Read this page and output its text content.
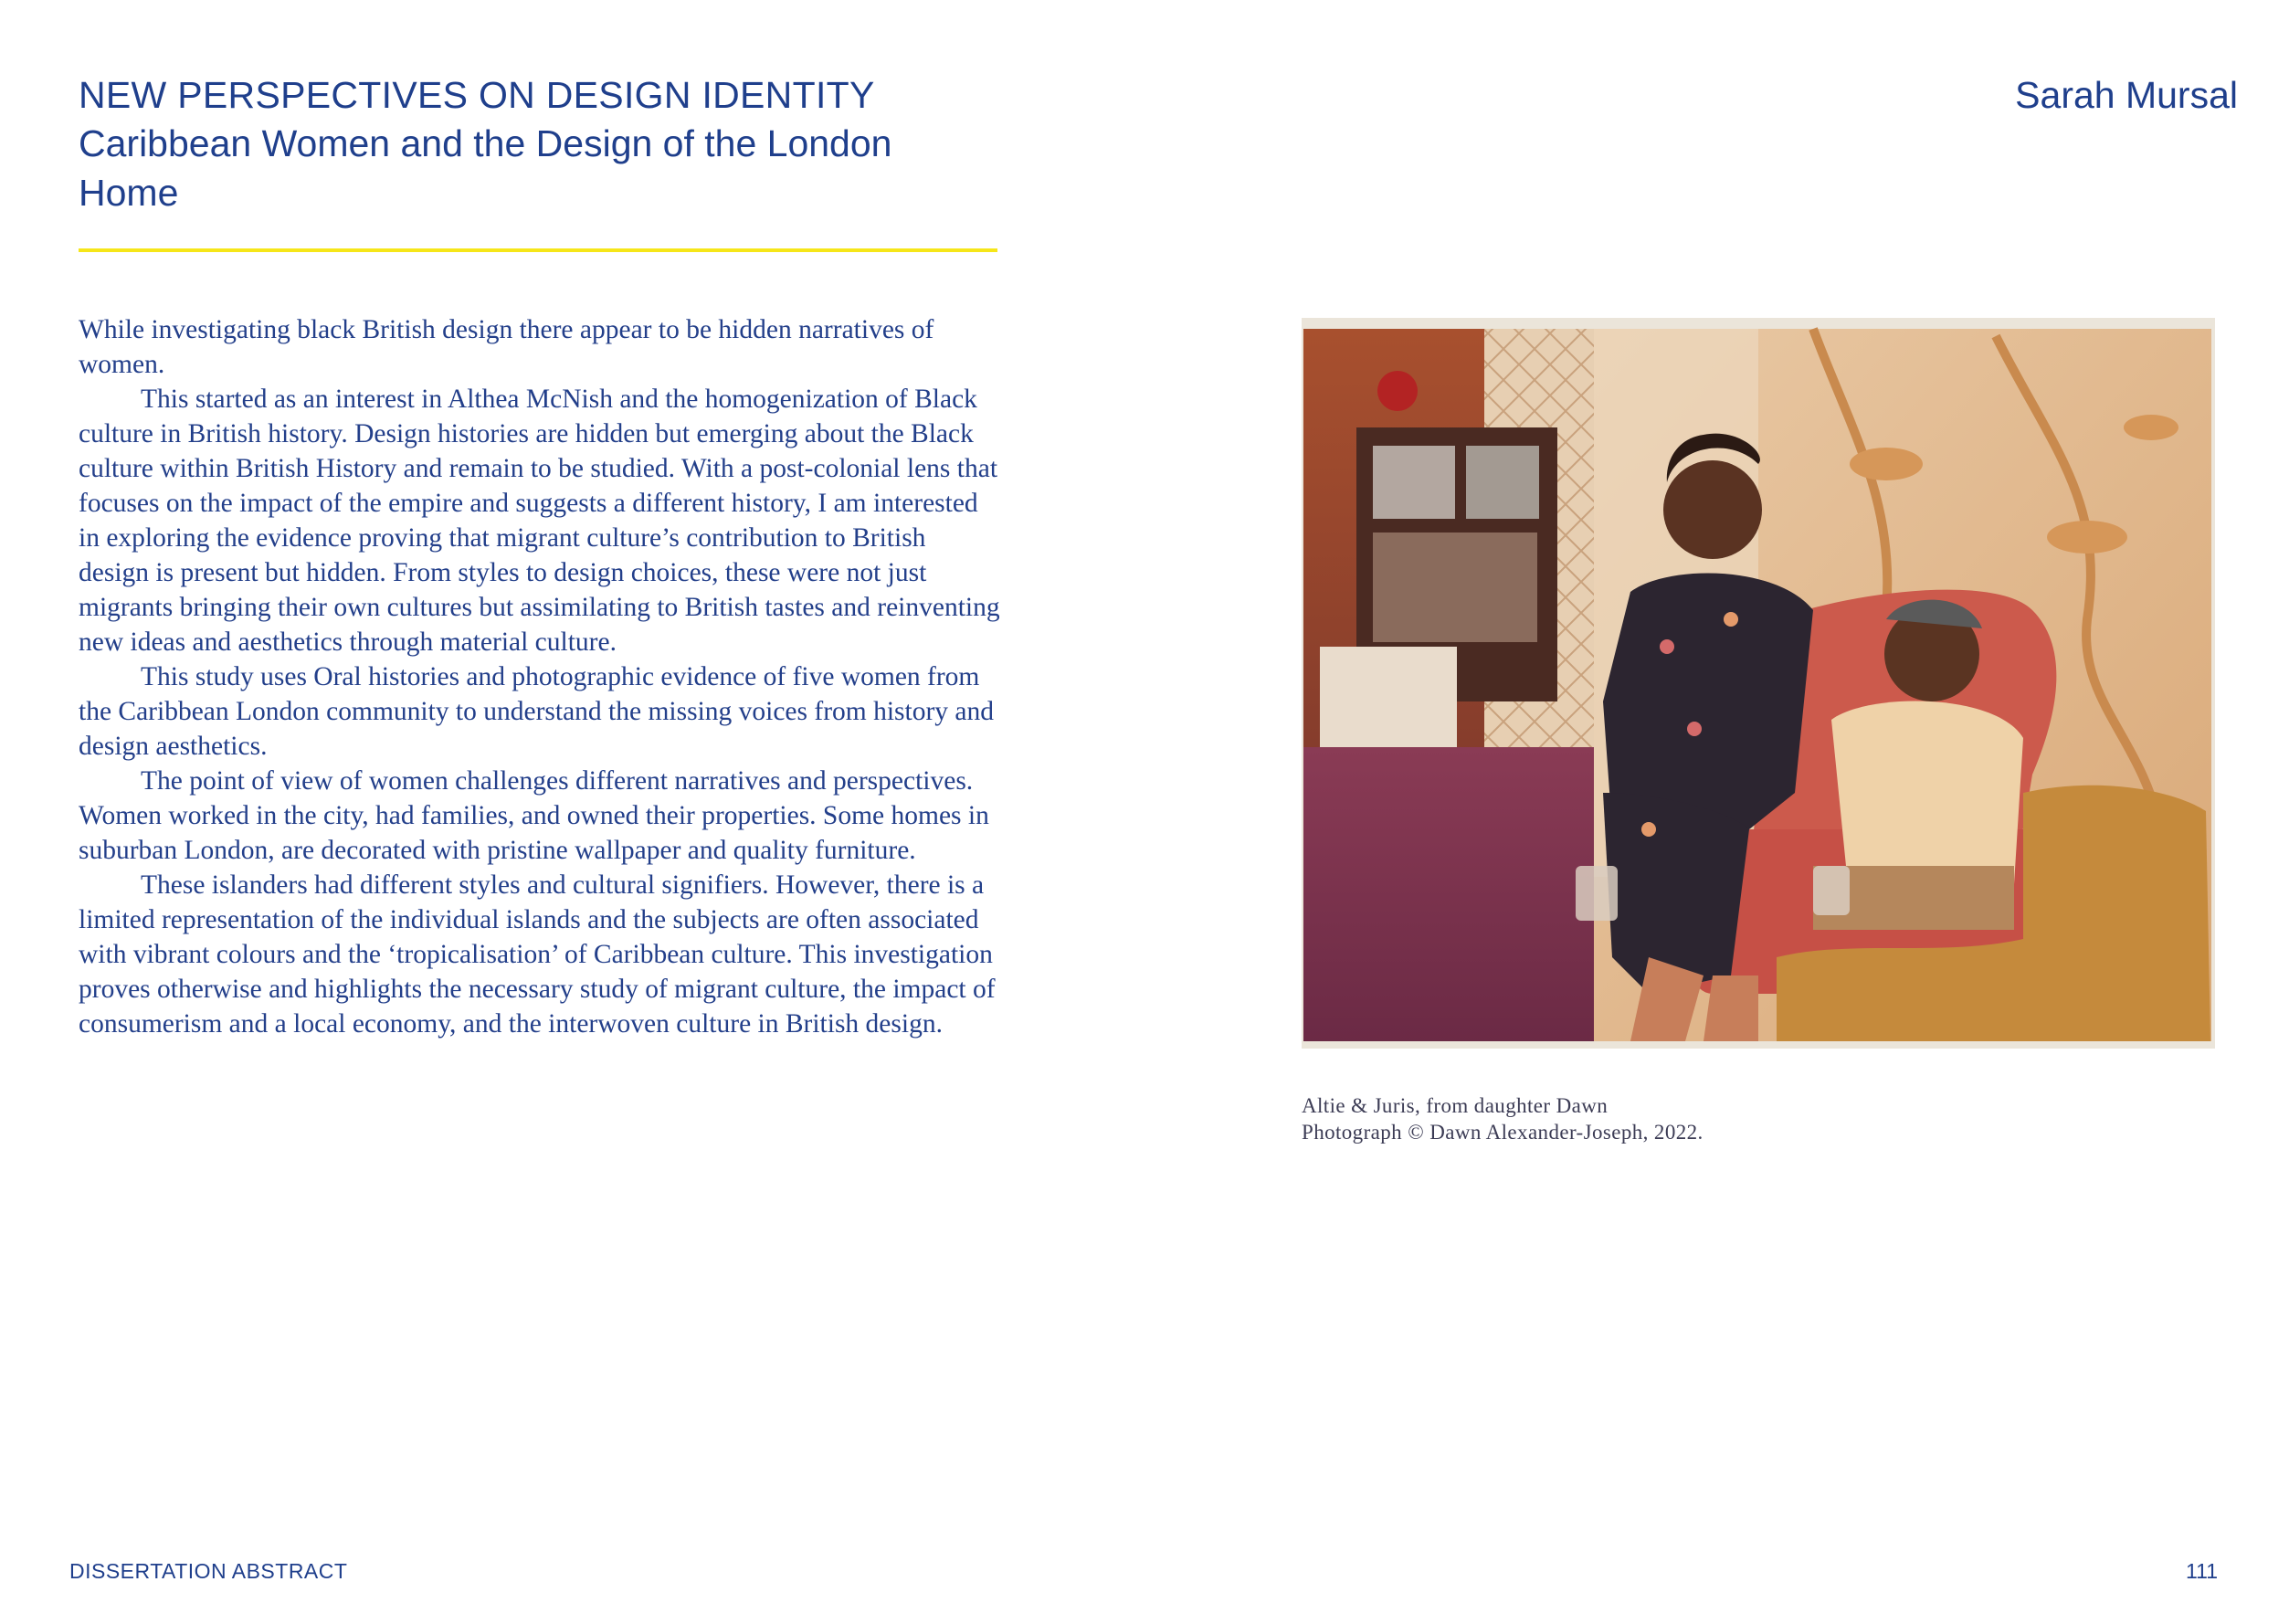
NEW PERSPECTIVES ON DESIGN IDENTITY
Caribbean Women and the Design of the London Home
Sarah Mursal

While investigating black British design there appear to be hidden narratives of women.

This started as an interest in Althea McNish and the homogenization of Black culture in British history. Design histories are hidden but emerging about the Black culture within British History and remain to be studied. With a post-colonial lens that focuses on the impact of the empire and suggests a different history, I am interested in exploring the evidence proving that migrant culture’s contribution to British design is present but hidden. From styles to design choices, these were not just migrants bringing their own cultures but assimilating to British tastes and reinventing new ideas and aesthetics through material culture.

This study uses Oral histories and photographic evidence of five women from the Caribbean London community to understand the missing voices from history and design aesthetics.

The point of view of women challenges different narratives and perspectives. Women worked in the city, had families, and owned their properties. Some homes in suburban London, are decorated with pristine wallpaper and quality furniture.

These islanders had different styles and cultural signifiers. However, there is a limited representation of the individual islands and the subjects are often associated with vibrant colours and the ‘tropicalisation’ of Caribbean culture. This investigation proves otherwise and highlights the necessary study of migrant culture, the impact of consumerism and a local economy, and the interwoven culture in British design.

Altie & Juris, from daughter Dawn
Photograph © Dawn Alexander-Joseph, 2022.
DISSERTATION ABSTRACT	111
